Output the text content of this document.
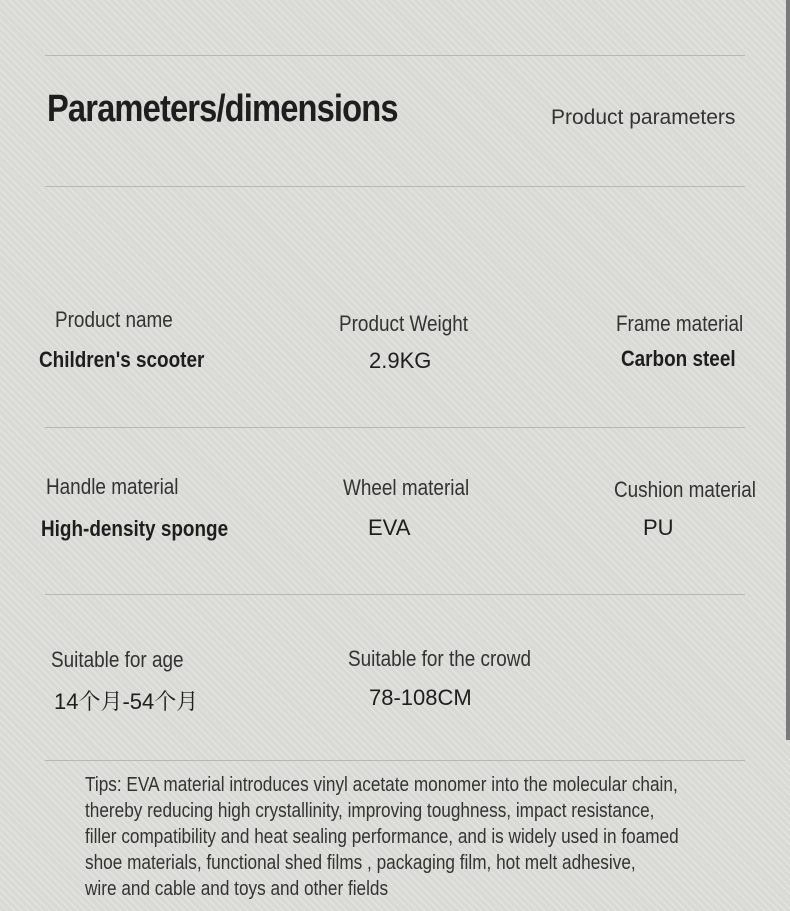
Parameters/dimensions	Product parameters
Product name
Children's scooter
Product Weight
2.9KG
Frame material
Carbon steel
Handle material
High-density sponge
Wheel material
EVA
Cushion material
PU
Suitable for age
14个月-54个月
Suitable for the crowd
78-108CM
Tips: EVA material introduces vinyl acetate monomer into the molecular chain,
thereby reducing high crystallinity, improving toughness, impact resistance,
filler compatibility and heat sealing performance, and is widely used in foamed
shoe materials, functional shed films , packaging film, hot melt adhesive,
wire and cable and toys and other fields
